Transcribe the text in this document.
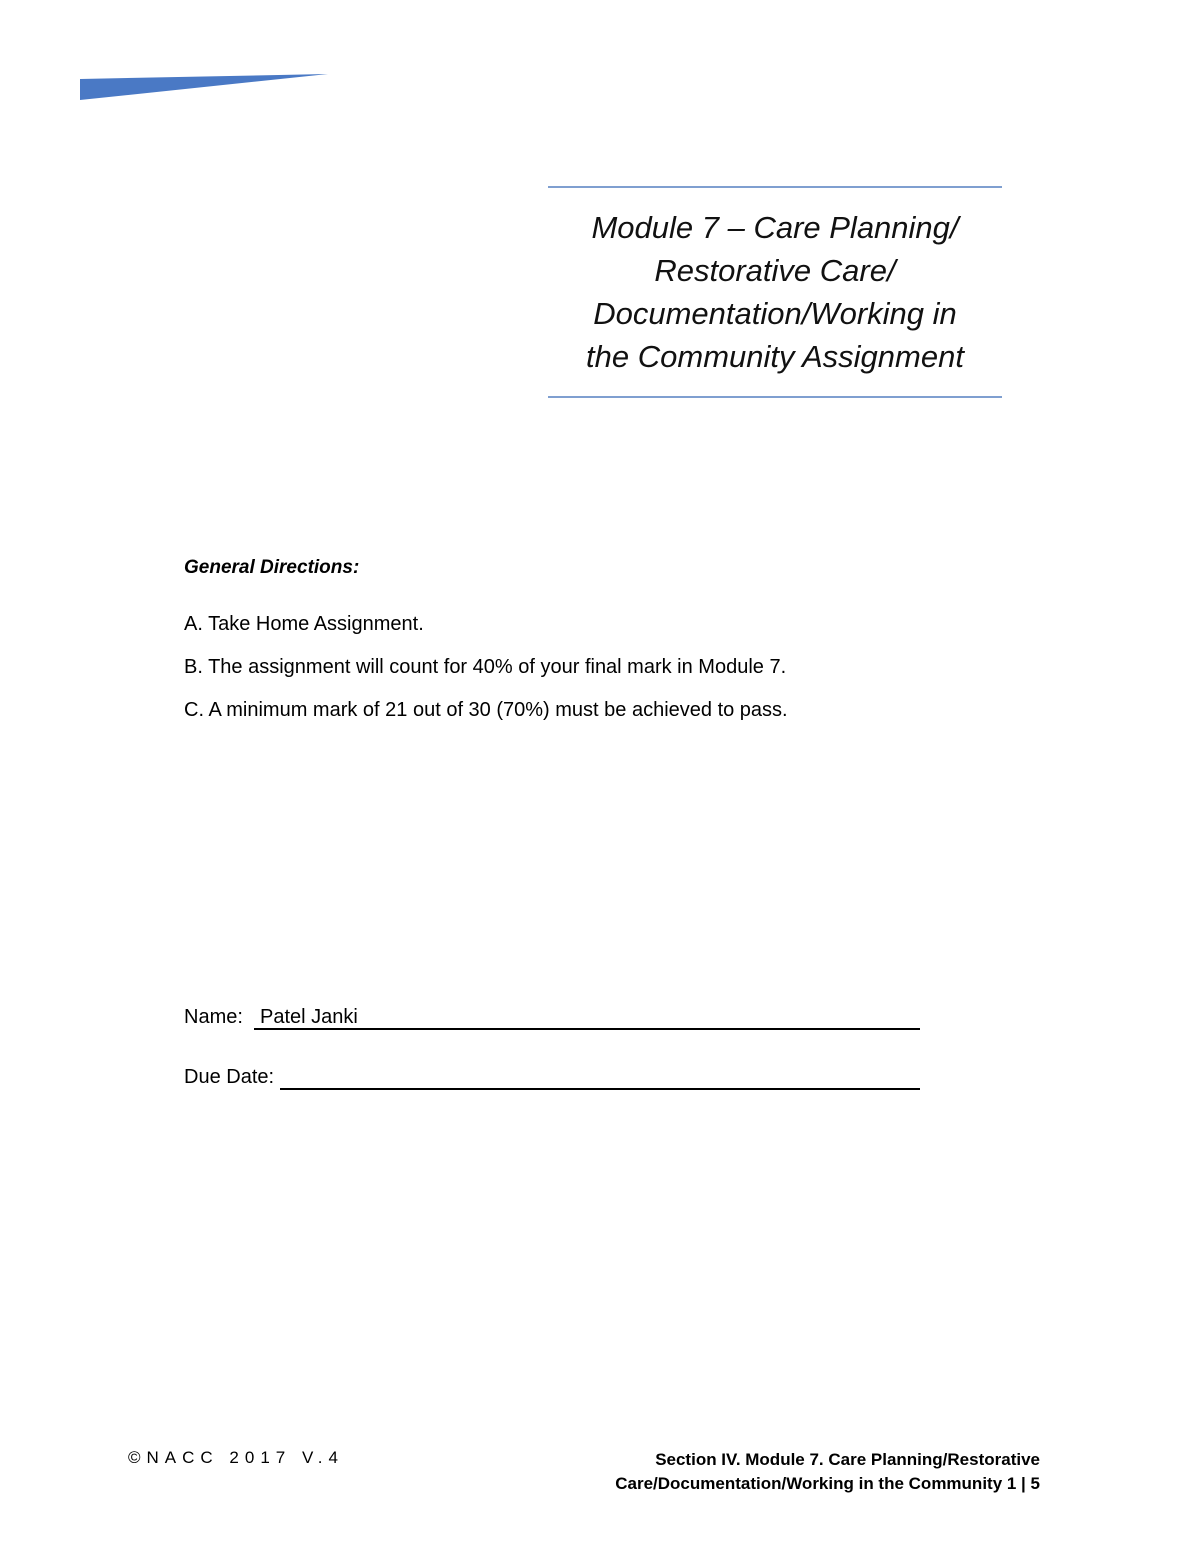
Module 7 – Care Planning/
Restorative Care/
Documentation/Working in
the Community Assignment

General Directions:

A. Take Home Assignment.

B. The assignment will count for 40% of your final mark in Module 7.

C. A minimum mark of 21 out of 30 (70%) must be achieved to pass.

Name: Patel Janki
Due Date:
©NACC 2017 V.4	Section IV. Module 7. Care Planning/Restorative
Care/Documentation/Working in the Community 1 | 5
